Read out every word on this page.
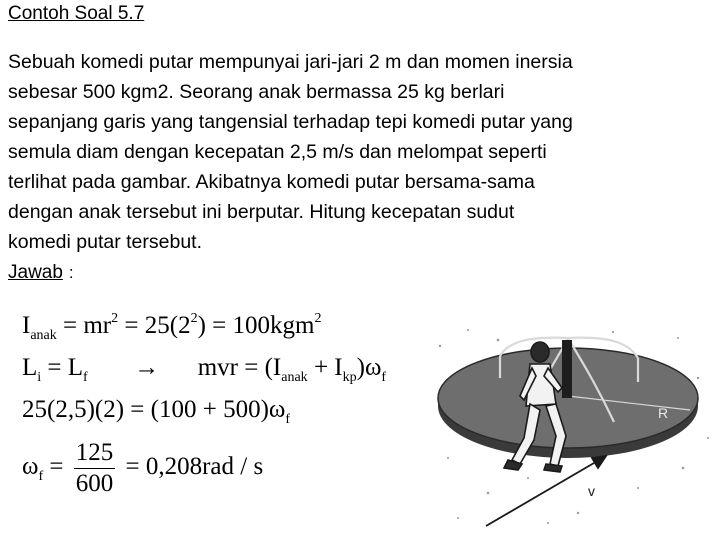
Contoh Soal 5.7
Sebuah komedi putar mempunyai jari-jari 2 m dan momen inersia
sebesar 500 kgm2. Seorang anak bermassa 25 kg berlari
sepanjang garis yang tangensial terhadap tepi komedi putar yang
semula diam dengan kecepatan 2,5 m/s dan melompat seperti
terlihat pada gambar. Akibatnya komedi putar bersama-sama
dengan anak tersebut ini berputar. Hitung kecepatan sudut
komedi putar tersebut.
Jawab :
$I_{anak} = mr^2 = 25(2^2) = 100kgm^2$
$L_i = L_f$ → mvr = $(I_{anak} + I_{kp})\omega_f$
$25(2,5)(2) = (100 + 500)\omega_f$
$\omega_f = \frac{125}{600} = 0,208rad / s$
R
v
